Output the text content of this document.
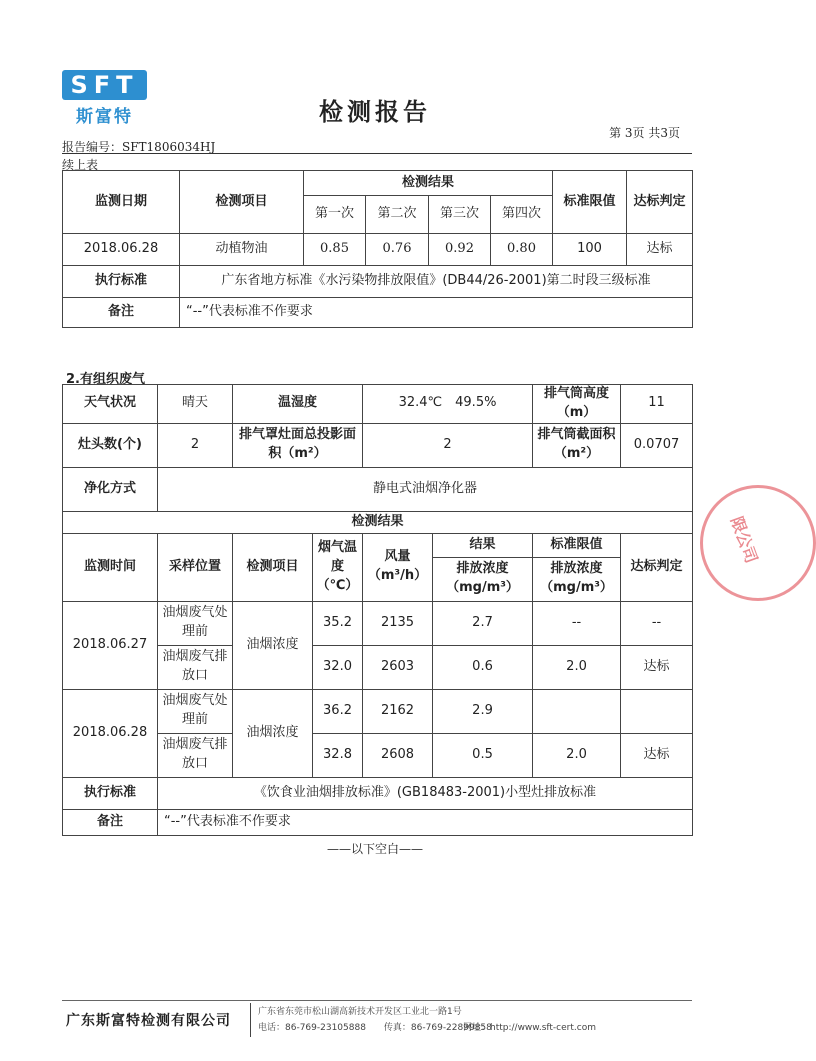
SFT
斯富特	检测报告
第 3页 共3页
报告编号：SFT1806034HJ
续上表
监测日期	检测项目	检测结果				标准限值	达标判定
		第一次	第二次	第三次	第四次		
2018.06.28	动植物油	0.85	0.76	0.92	0.80	100	达标
执行标准	广东省地方标准《水污染物排放限值》(DB44/26-2001)第二时段三级标准						
备注	“--”代表标准不作要求						
2.有组织废气
天气状况	晴天	温湿度		32.4℃　49.5%		排气筒高度（m）	11
灶头数(个)	2	排气罩灶面总投影面积（m²）		2		排气筒截面积（m²）	0.0707
净化方式	静电式油烟净化器						
检测结果							
监测时间	采样位置	检测项目	烟气温度（℃）	风量（m³/h）	结果	标准限值	达标判定
					排放浓度（mg/m³）	排放浓度（mg/m³）	
2018.06.27	油烟废气处理前	油烟浓度	35.2	2135	2.7	--	--
	油烟废气排放口		32.0	2603	0.6	2.0	达标
2018.06.28	油烟废气处理前	油烟浓度	36.2	2162	2.9		
	油烟废气排放口		32.8	2608	0.5	2.0	达标
执行标准	《饮食业油烟排放标准》(GB18483-2001)小型灶排放标准						
备注	“--”代表标准不作要求						
——以下空白——
限公司
广东斯富特检测有限公司
广东省东莞市松山湖高新技术开发区工业北一路1号
电话：86-769-23105888　　传真：86-769-22899858
网址：http://www.sft-cert.com
